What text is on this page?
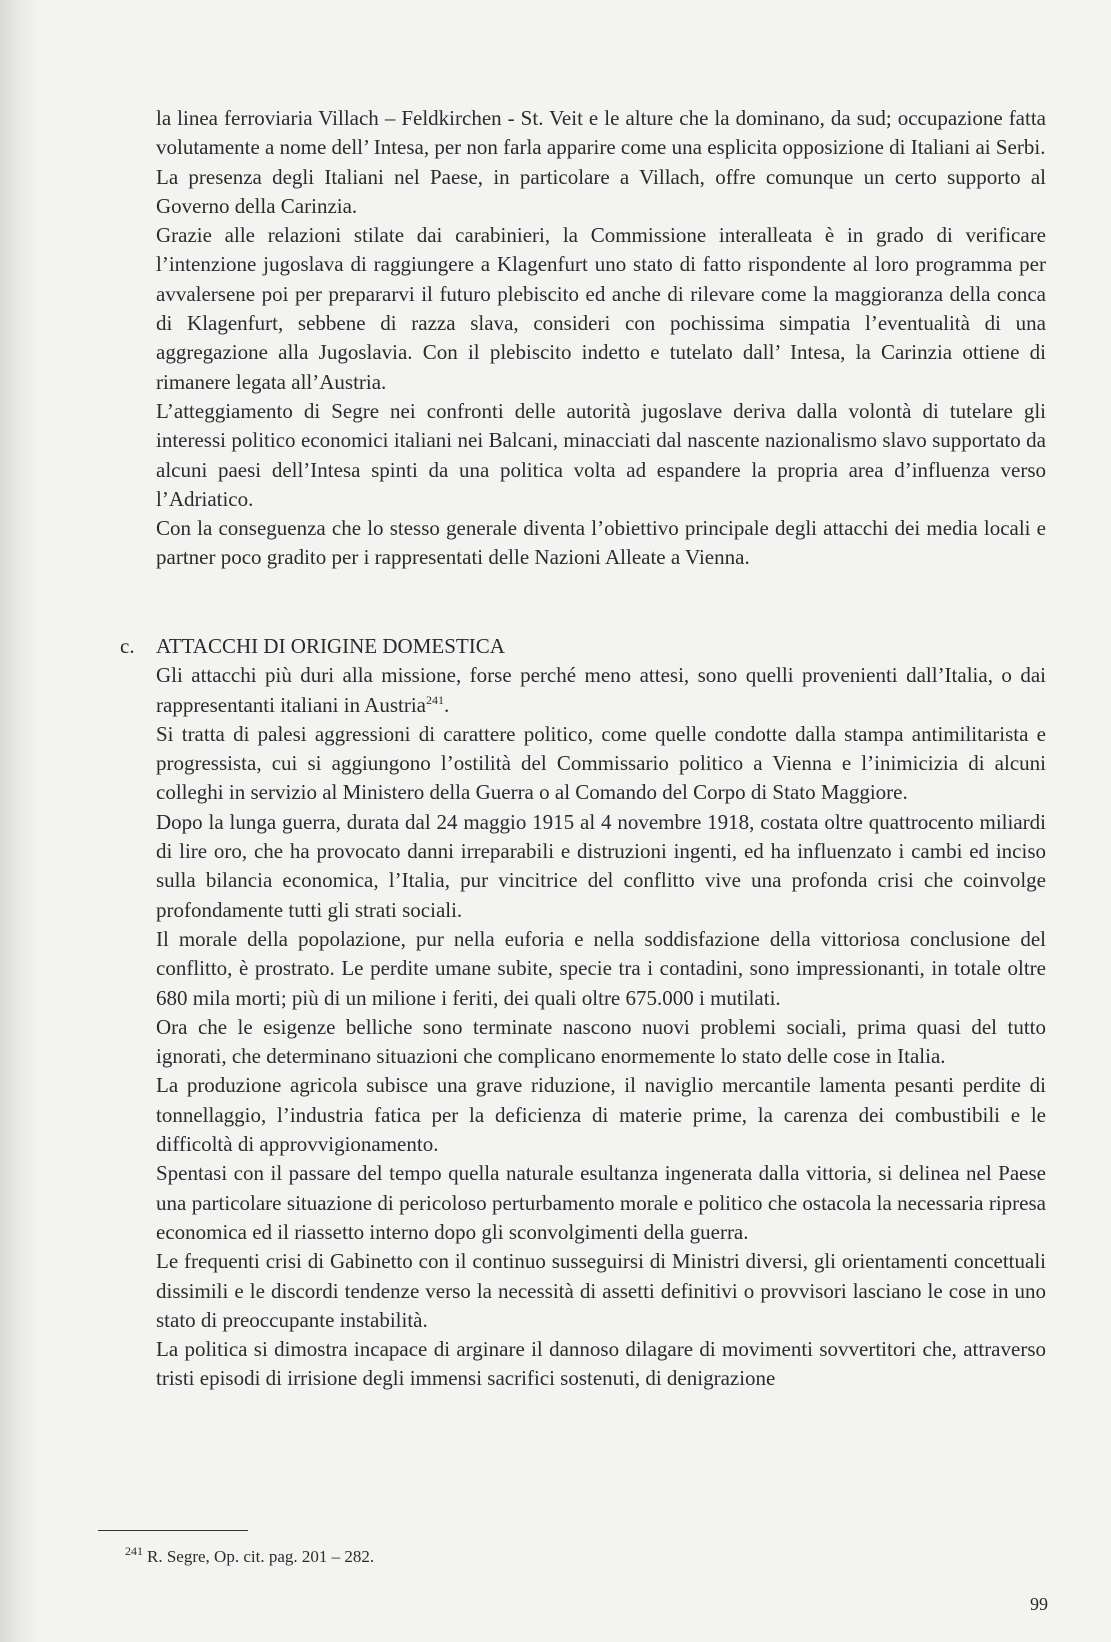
la linea ferroviaria Villach – Feldkirchen - St. Veit e le alture che la dominano, da sud; occupazione fatta volutamente a nome dell’ Intesa, per non farla apparire come una esplicita opposizione di Italiani ai Serbi.

La presenza degli Italiani nel Paese, in particolare a Villach, offre comunque un certo supporto al Governo della Carinzia.

Grazie alle relazioni stilate dai carabinieri, la Commissione interalleata è in grado di verificare l’intenzione jugoslava di raggiungere a Klagenfurt uno stato di fatto rispondente al loro programma per avvalersene poi per prepararvi il futuro plebiscito ed anche di rilevare come la maggioranza della conca di Klagenfurt, sebbene di razza slava, consideri con pochissima simpatia l’eventualità di una aggregazione alla Jugoslavia. Con il plebiscito indetto e tutelato dall’ Intesa, la Carinzia ottiene di rimanere legata all’Austria.

L’atteggiamento di Segre nei confronti delle autorità jugoslave deriva dalla volontà di tutelare gli interessi politico economici italiani nei Balcani, minacciati dal nascente nazionalismo slavo supportato da alcuni paesi dell’Intesa spinti da una politica volta ad espandere la propria area d’influenza verso l’Adriatico.

Con la conseguenza che lo stesso generale diventa l’obiettivo principale degli attacchi dei media locali e partner poco gradito per i rappresentati delle Nazioni Alleate a Vienna.

c.	ATTACCHI DI ORIGINE DOMESTICA

Gli attacchi più duri alla missione, forse perché meno attesi, sono quelli provenienti dall’Italia, o dai rappresentanti italiani in Austria$^{241}$.

Si tratta di palesi aggressioni di carattere politico, come quelle condotte dalla stampa antimilitarista e progressista, cui si aggiungono l’ostilità del Commissario politico a Vienna e l’inimicizia di alcuni colleghi in servizio al Ministero della Guerra o al Comando del Corpo di Stato Maggiore.

Dopo la lunga guerra, durata dal 24 maggio 1915 al 4 novembre 1918, costata oltre quattrocento miliardi di lire oro, che ha provocato danni irreparabili e distruzioni ingenti, ed ha influenzato i cambi ed inciso sulla bilancia economica, l’Italia, pur vincitrice del conflitto vive una profonda crisi che coinvolge profondamente tutti gli strati sociali.

Il morale della popolazione, pur nella euforia e nella soddisfazione della vittoriosa conclusione del conflitto, è prostrato. Le perdite umane subite, specie tra i contadini, sono impressionanti, in totale oltre 680 mila morti; più di un milione i feriti, dei quali oltre 675.000 i mutilati.

Ora che le esigenze belliche sono terminate nascono nuovi problemi sociali, prima quasi del tutto ignorati, che determinano situazioni che complicano enormemente lo stato delle cose in Italia.

La produzione agricola subisce una grave riduzione, il naviglio mercantile lamenta pesanti perdite di tonnellaggio, l’industria fatica per la deficienza di materie prime, la carenza dei combustibili e le difficoltà di approvvigionamento.

Spentasi con il passare del tempo quella naturale esultanza ingenerata dalla vittoria, si delinea nel Paese una particolare situazione di pericoloso perturbamento morale e politico che ostacola la necessaria ripresa economica ed il riassetto interno dopo gli sconvolgimenti della guerra.

Le frequenti crisi di Gabinetto con il continuo susseguirsi di Ministri diversi, gli orientamenti concettuali dissimili e le discordi tendenze verso la necessità di assetti definitivi o provvisori lasciano le cose in uno stato di preoccupante instabilità.

La politica si dimostra incapace di arginare il dannoso dilagare di movimenti sovvertitori che, attraverso tristi episodi di irrisione degli immensi sacrifici sostenuti, di denigrazione

$^{241}$ R. Segre, Op. cit. pag. 201 – 282.
99
